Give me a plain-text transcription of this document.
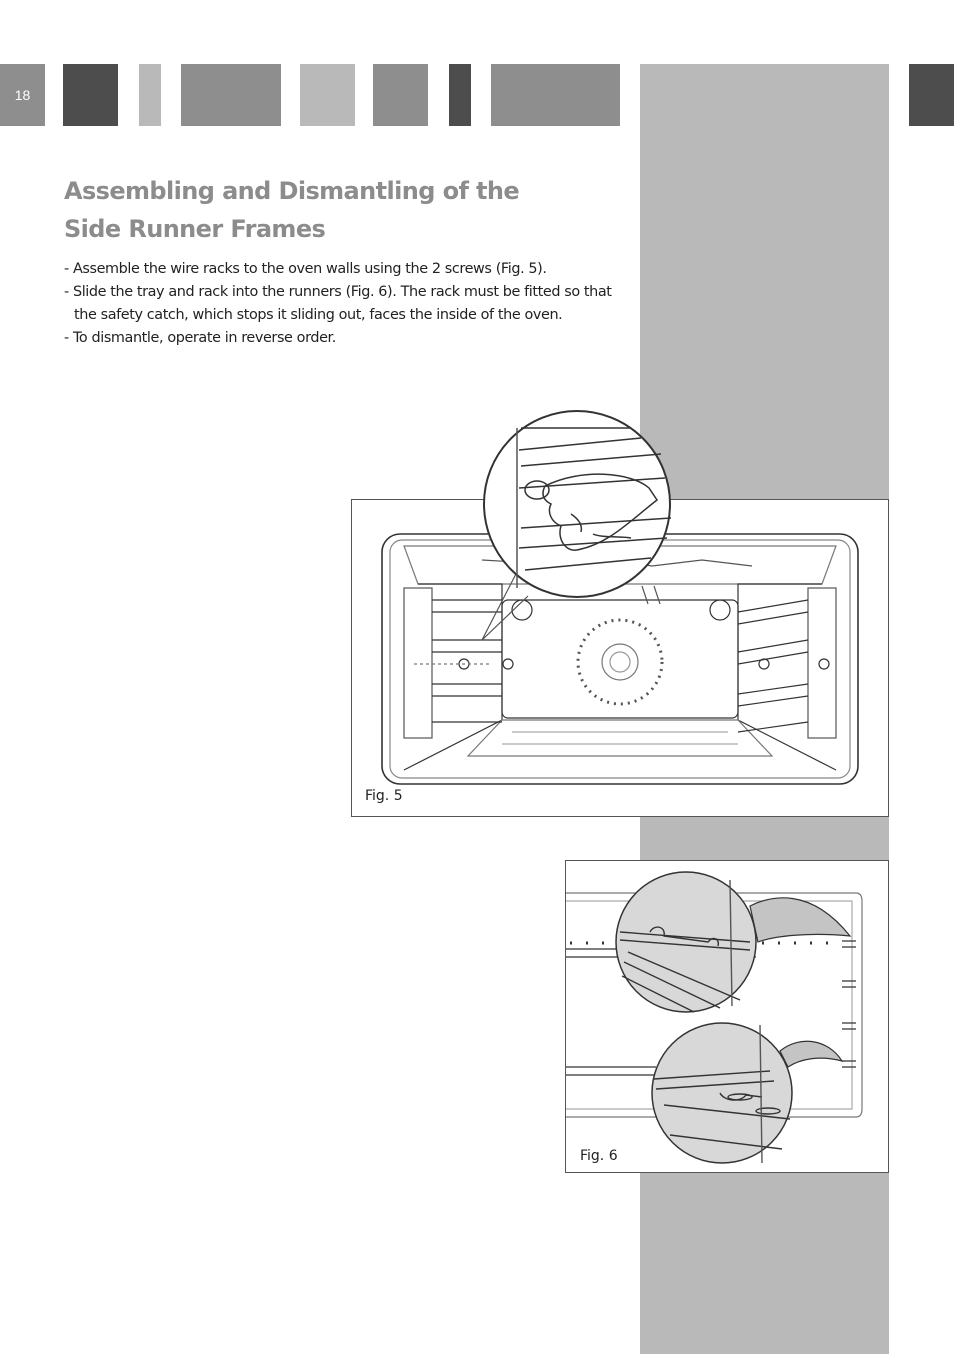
18
Assembling and Dismantling of the
Side Runner Frames
- Assemble the wire racks to the oven walls using the 2 screws (Fig. 5).
- Slide the tray and rack into the runners (Fig. 6). The rack must be fitted so that the safety catch, which stops it sliding out, faces the inside of the oven.
- To dismantle, operate in reverse order.
Fig. 5
Fig. 6
